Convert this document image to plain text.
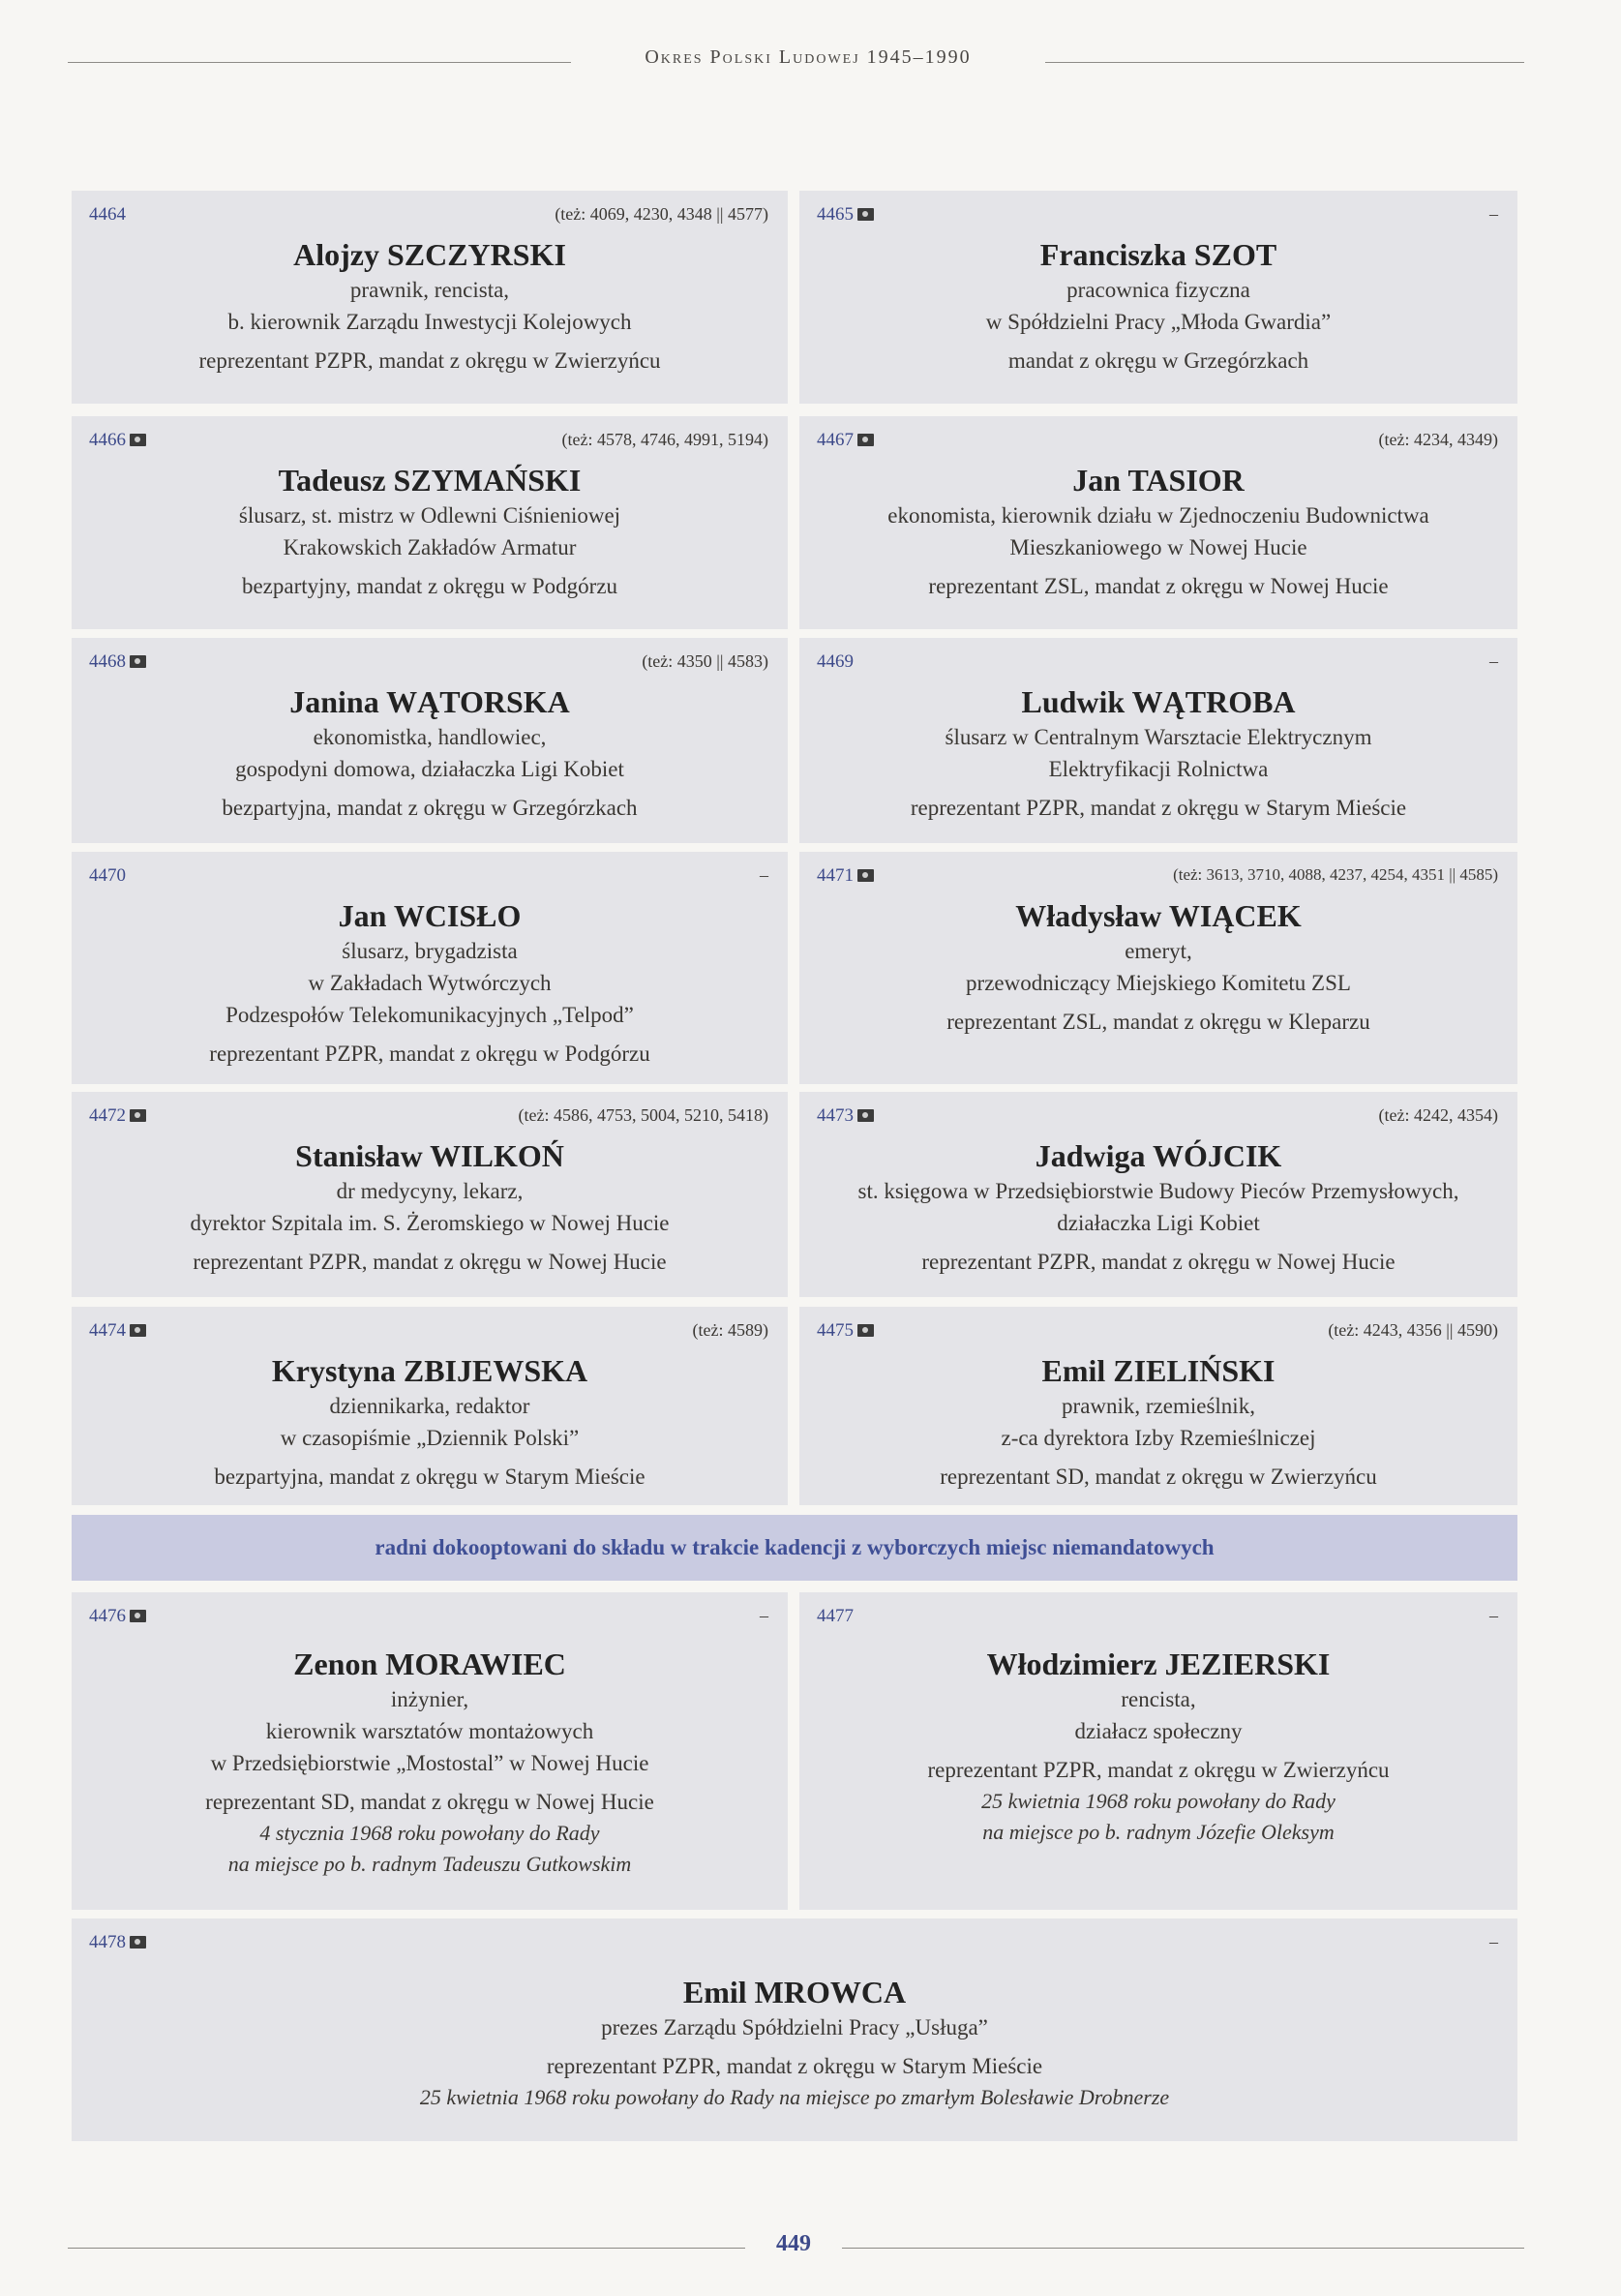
Okres Polski Ludowej 1945–1990
4464	(też: 4069, 4230, 4348 || 4577)
Alojzy SZCZYRSKI
prawnik, rencista,
b. kierownik Zarządu Inwestycji Kolejowych
reprezentant PZPR, mandat z okręgu w Zwierzyńcu
4465	–
Franciszka SZOT
pracownica fizyczna
w Spółdzielni Pracy „Młoda Gwardia”
mandat z okręgu w Grzegórzkach
4466	(też: 4578, 4746, 4991, 5194)
Tadeusz SZYMAŃSKI
ślusarz, st. mistrz w Odlewni Ciśnieniowej
Krakowskich Zakładów Armatur
bezpartyjny, mandat z okręgu w Podgórzu
4467	(też: 4234, 4349)
Jan TASIOR
ekonomista, kierownik działu w Zjednoczeniu Budownictwa
Mieszkaniowego w Nowej Hucie
reprezentant ZSL, mandat z okręgu w Nowej Hucie
4468	(też: 4350 || 4583)
Janina WĄTORSKA
ekonomistka, handlowiec,
gospodyni domowa, działaczka Ligi Kobiet
bezpartyjna, mandat z okręgu w Grzegórzkach
4469	–
Ludwik WĄTROBA
ślusarz w Centralnym Warsztacie Elektrycznym
Elektryfikacji Rolnictwa
reprezentant PZPR, mandat z okręgu w Starym Mieście
4470	–
Jan WCISŁO
ślusarz, brygadzista
w Zakładach Wytwórczych
Podzespołów Telekomunikacyjnych „Telpod”
reprezentant PZPR, mandat z okręgu w Podgórzu
4471	(też: 3613, 3710, 4088, 4237, 4254, 4351 || 4585)
Władysław WIĄCEK
emeryt,
przewodniczący Miejskiego Komitetu ZSL
reprezentant ZSL, mandat z okręgu w Kleparzu
4472	(też: 4586, 4753, 5004, 5210, 5418)
Stanisław WILKOŃ
dr medycyny, lekarz,
dyrektor Szpitala im. S. Żeromskiego w Nowej Hucie
reprezentant PZPR, mandat z okręgu w Nowej Hucie
4473	(też: 4242, 4354)
Jadwiga WÓJCIK
st. księgowa w Przedsiębiorstwie Budowy Pieców Przemysłowych,
działaczka Ligi Kobiet
reprezentant PZPR, mandat z okręgu w Nowej Hucie
4474	(też: 4589)
Krystyna ZBIJEWSKA
dziennikarka, redaktor
w czasopiśmie „Dziennik Polski”
bezpartyjna, mandat z okręgu w Starym Mieście
4475	(też: 4243, 4356 || 4590)
Emil ZIELIŃSKI
prawnik, rzemieślnik,
z-ca dyrektora Izby Rzemieślniczej
reprezentant SD, mandat z okręgu w Zwierzyńcu
radni dokooptowani do składu w trakcie kadencji z wyborczych miejsc niemandatowych
4476	–
Zenon MORAWIEC
inżynier,
kierownik warsztatów montażowych
w Przedsiębiorstwie „Mostostal” w Nowej Hucie
reprezentant SD, mandat z okręgu w Nowej Hucie
4 stycznia 1968 roku powołany do Rady
na miejsce po b. radnym Tadeuszu Gutkowskim
4477	–
Włodzimierz JEZIERSKI
rencista,
działacz społeczny
reprezentant PZPR, mandat z okręgu w Zwierzyńcu
25 kwietnia 1968 roku powołany do Rady
na miejsce po b. radnym Józefie Oleksym
4478	–
Emil MROWCA
prezes Zarządu Spółdzielni Pracy „Usługa”
reprezentant PZPR, mandat z okręgu w Starym Mieście
25 kwietnia 1968 roku powołany do Rady na miejsce po zmarłym Bolesławie Drobnerze
449
